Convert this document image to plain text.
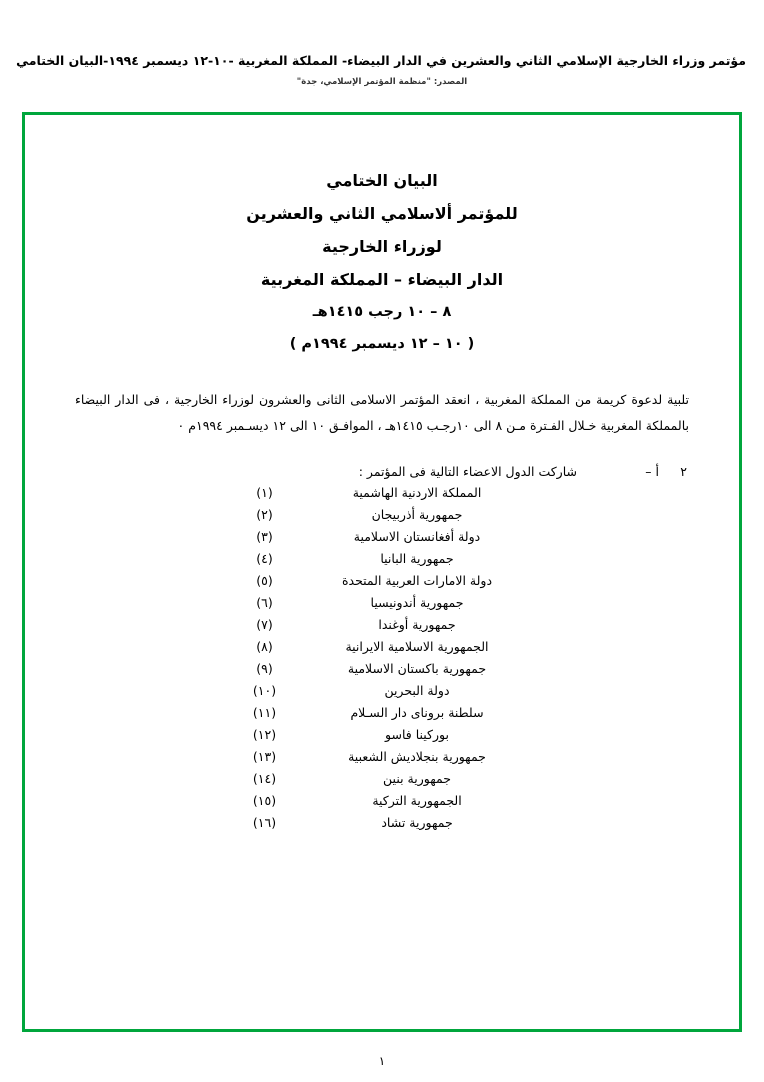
مؤتمر وزراء الخارجية الإسلامي الثاني والعشرين في الدار البيضاء- المملكة المغربية -١٠-١٢ ديسمبر ١٩٩٤-البيان الختامي
المصدر: "منظمة المؤتمر الإسلامي، جدة"
البيان الختامي
للمؤتمر ألاسلامي الثاني والعشرين
لوزراء الخارجية
الدار البيضاء – المملكة المغربية
٨ – ١٠ رجب ١٤١٥هـ
( ١٠ – ١٢ ديسمبر ١٩٩٤م )
تلبية لدعوة كريمة من المملكة المغربية ، انعقد المؤتمر الاسلامى الثانى والعشرون لوزراء الخارجية ، فى الدار البيضاء بالمملكة المغربية خـلال الفـترة مـن ٨ الى ١٠رجـب ١٤١٥هـ ، الموافـق ١٠ الى ١٢ ديسـمبر ١٩٩٤م ٠
٢
أ –
شاركت الدول الاعضاء التالية فى المؤتمر :
المملكة الاردنية الهاشمية
(١)
جمهورية أذربيجان
(٢)
دولة أفغانستان الاسلامية
(٣)
جمهورية البانيا
(٤)
دولة الامارات العربية المتحدة
(٥)
جمهورية أندونيسيا
(٦)
جمهورية أوغندا
(٧)
الجمهورية الاسلامية الايرانية
(٨)
جمهورية باكستان الاسلامية
(٩)
دولة البحرين
(١٠)
سلطنة بروناى دار السـلام
(١١)
بوركينا فاسو
(١٢)
جمهورية بنجلاديش الشعبية
(١٣)
جمهورية بنين
(١٤)
الجمهورية التركية
(١٥)
جمهورية تشاد
(١٦)
١
